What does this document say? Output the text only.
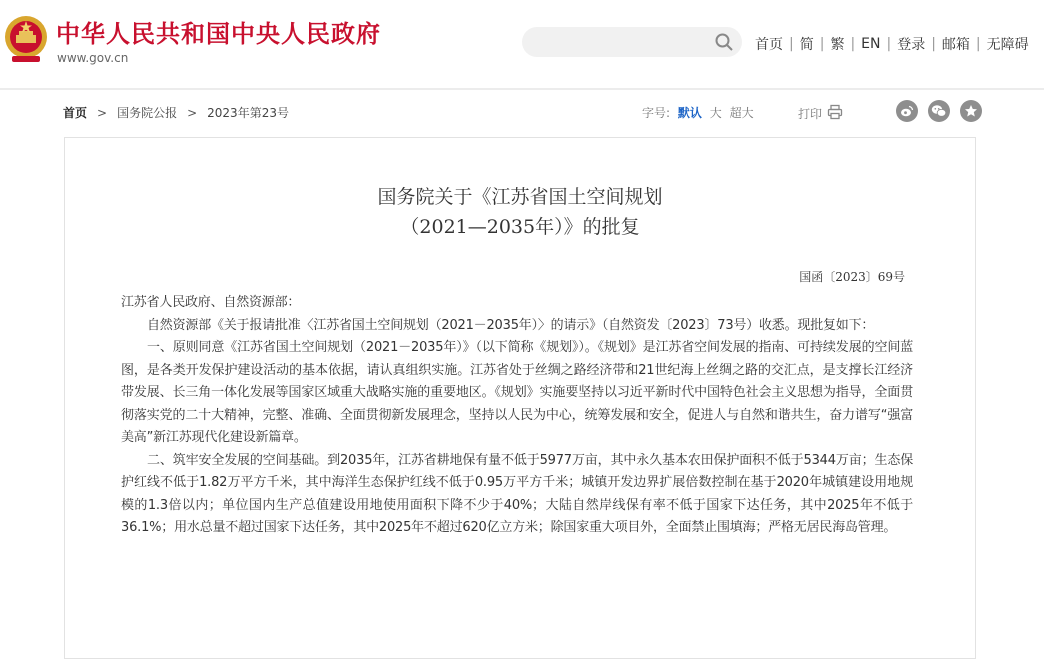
中华人民共和国中央人民政府
www.gov.cn
首页 | 简 | 繁 | EN | 登录 | 邮箱 | 无障碍
首页 > 国务院公报 > 2023年第23号	字号: 默认 大 超大	打印
国务院关于《江苏省国土空间规划
（2021—2035年）》的批复
国函〔2023〕69号

江苏省人民政府、自然资源部：

自然资源部《关于报请批准〈江苏省国土空间规划（2021－2035年）〉的请示》（自然资发〔2023〕73号）收悉。现批复如下：

一、原则同意《江苏省国土空间规划（2021－2035年）》（以下简称《规划》）。《规划》是江苏省空间发展的指南、可持续发展的空间蓝图，是各类开发保护建设活动的基本依据，请认真组织实施。江苏省处于丝绸之路经济带和21世纪海上丝绸之路的交汇点，是支撑长江经济带发展、长三角一体化发展等国家区域重大战略实施的重要地区。《规划》实施要坚持以习近平新时代中国特色社会主义思想为指导，全面贯彻落实党的二十大精神，完整、准确、全面贯彻新发展理念，坚持以人民为中心，统筹发展和安全，促进人与自然和谐共生，奋力谱写“强富美高”新江苏现代化建设新篇章。

二、筑牢安全发展的空间基础。到2035年，江苏省耕地保有量不低于5977万亩，其中永久基本农田保护面积不低于5344万亩；生态保护红线不低于1.82万平方千米，其中海洋生态保护红线不低于0.95万平方千米；城镇开发边界扩展倍数控制在基于2020年城镇建设用地规模的1.3倍以内；单位国内生产总值建设用地使用面积下降不少于40%；大陆自然岸线保有率不低于国家下达任务，其中2025年不低于36.1%；用水总量不超过国家下达任务，其中2025年不超过620亿立方米；除国家重大项目外，全面禁止围填海；严格无居民海岛管理。
